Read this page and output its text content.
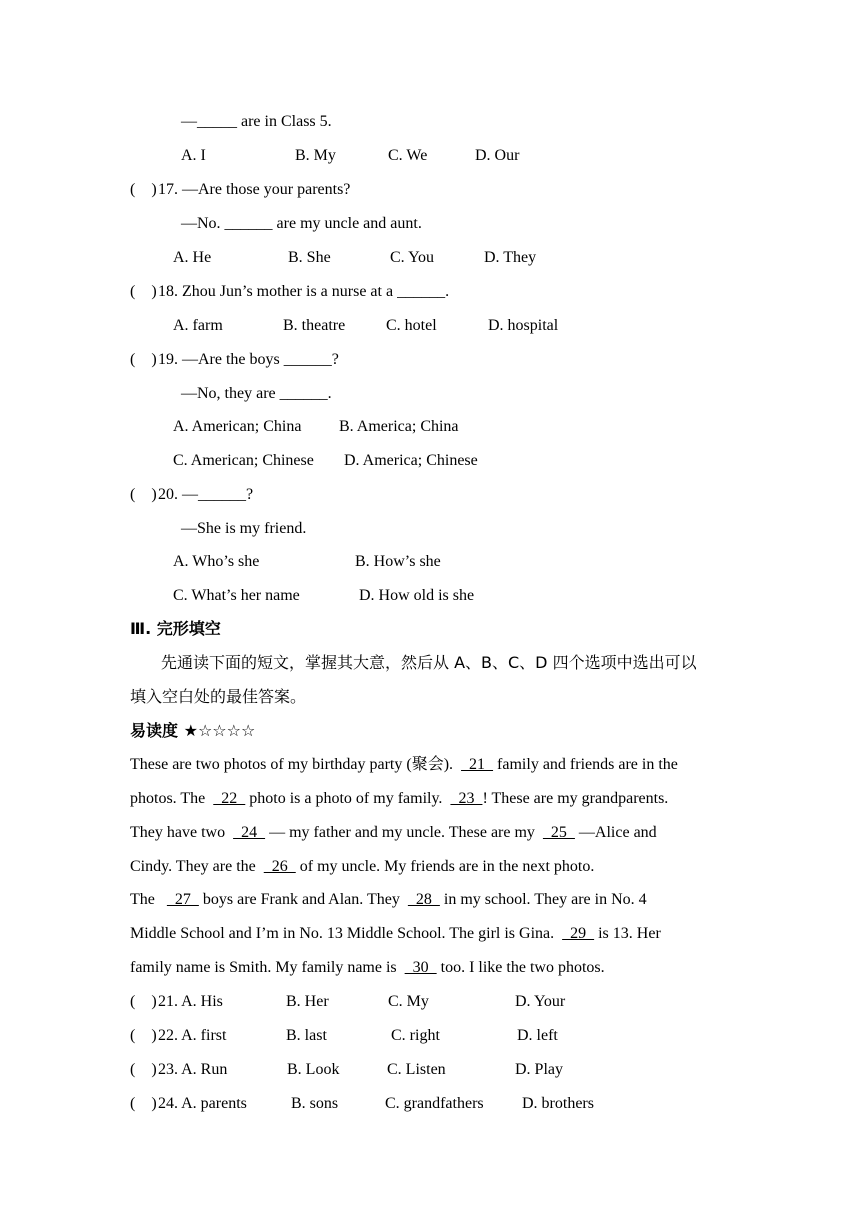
—_____ are in Class 5.
A. I	B. My	C. We	D. Our
(    ) 17. —Are those your parents?
—No. ______ are my uncle and aunt.
A. He	B. She	C. You	D. They
(    ) 18. Zhou Jun’s mother is a nurse at a ______.
A. farm	B. theatre	C. hotel	D. hospital
(    ) 19. —Are the boys ______?
—No, they are ______.
A. American; China B. America; China
C. American; Chinese D. America; Chinese
(    ) 20. —______?
—She is my friend.
A. Who’s she	B. How’s she
C. What’s her name	D. How old is she
Ⅲ. 完形填空
先通读下面的短文，掌握其大意，然后从 A、B、C、D 四个选项中选出可以
填入空白处的最佳答案。
易读度 ★☆☆☆☆
These are two photos of my birthday party (聚会).    21   family and friends are in the
photos. The    22   photo is a photo of my family.    23  ! These are my grandparents.
They have two    24   — my father and my uncle. These are my    25   —Alice and
Cindy. They are the    26   of my uncle. My friends are in the next photo.
The     27   boys are Frank and Alan. They    28   in my school. They are in No. 4
Middle School and I’m in No. 13 Middle School. The girl is Gina.    29   is 13. Her
family name is Smith. My family name is    30   too. I like the two photos.
(    ) 21. A. His	B. Her	C. My	D. Your
(    ) 22. A. first	B. last	C. right	D. left
(    ) 23. A. Run	B. Look	C. Listen	D. Play
(    ) 24. A. parents	B. sons	C. grandfathers D. brothers
